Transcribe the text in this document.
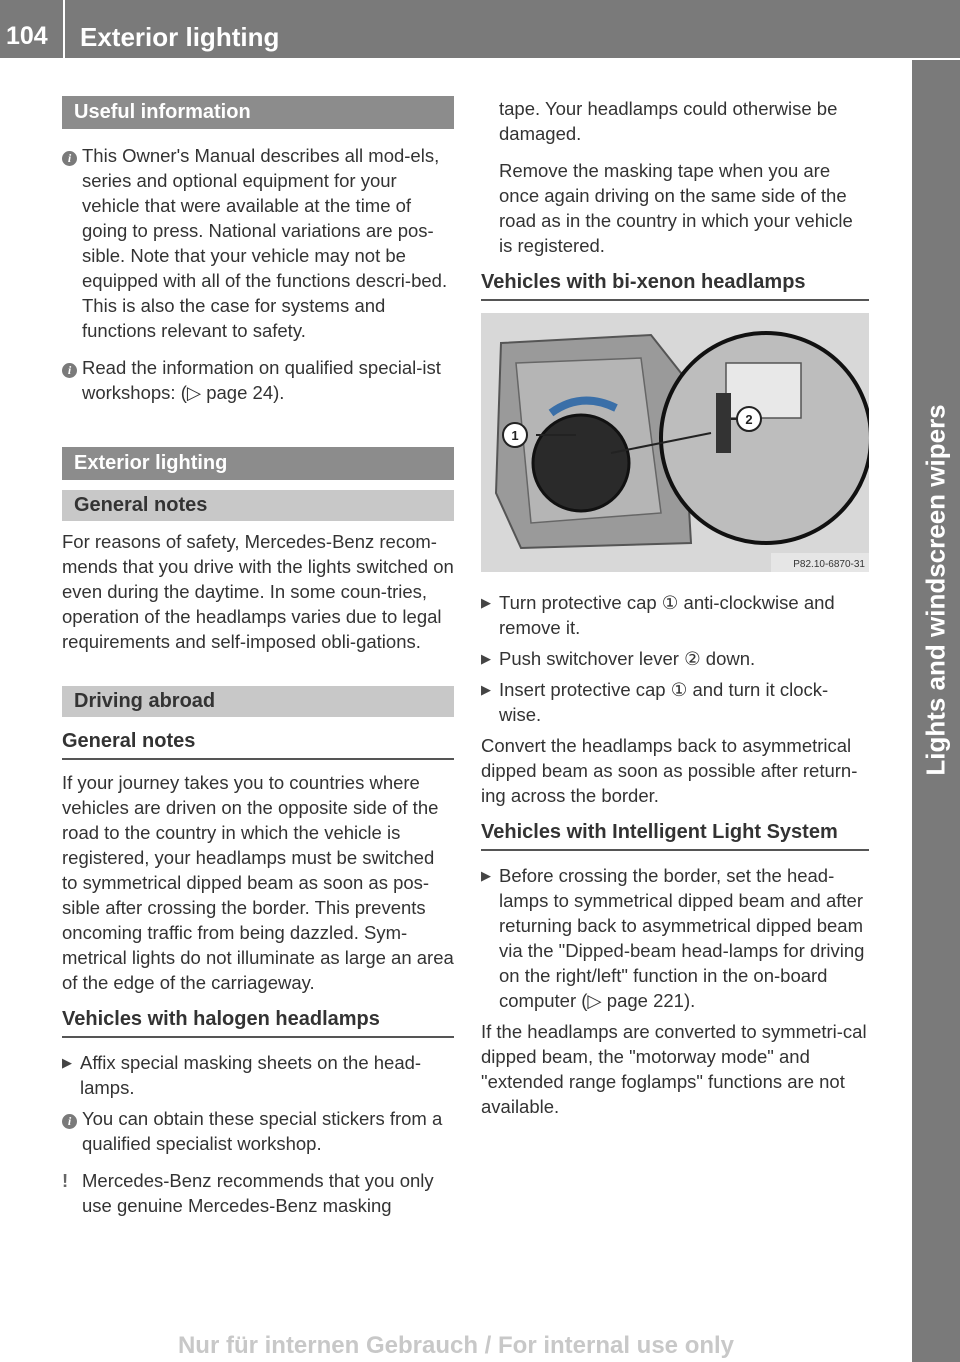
104 Exterior lighting
Lights and windscreen wipers
Useful information
i This Owner's Manual describes all mod-els, series and optional equipment for your vehicle that were available at the time of going to press. National variations are pos-sible. Note that your vehicle may not be equipped with all of the functions descri-bed. This is also the case for systems and functions relevant to safety.
i Read the information on qualified special-ist workshops: (▷ page 24).
Exterior lighting
General notes
For reasons of safety, Mercedes-Benz recom-mends that you drive with the lights switched on even during the daytime. In some coun-tries, operation of the headlamps varies due to legal requirements and self-imposed obli-gations.
Driving abroad
General notes
If your journey takes you to countries where vehicles are driven on the opposite side of the road to the country in which the vehicle is registered, your headlamps must be switched to symmetrical dipped beam as soon as pos-sible after crossing the border. This prevents oncoming traffic from being dazzled. Sym-metrical lights do not illuminate as large an area of the edge of the carriageway.
Vehicles with halogen headlamps
▶ Affix special masking sheets on the head-lamps.
i You can obtain these special stickers from a qualified specialist workshop.
! Mercedes-Benz recommends that you only use genuine Mercedes-Benz masking
tape. Your headlamps could otherwise be damaged.
Remove the masking tape when you are once again driving on the same side of the road as in the country in which your vehicle is registered.
Vehicles with bi-xenon headlamps
1
2
P82.10-6870-31
▶ Turn protective cap ① anti-clockwise and remove it.
▶ Push switchover lever ② down.
▶ Insert protective cap ① and turn it clock-wise.
Convert the headlamps back to asymmetrical dipped beam as soon as possible after return-ing across the border.
Vehicles with Intelligent Light System
▶ Before crossing the border, set the head-lamps to symmetrical dipped beam and after returning back to asymmetrical dipped beam via the "Dipped-beam head-lamps for driving on the right/left" function in the on-board computer (▷ page 221).
If the headlamps are converted to symmetri-cal dipped beam, the "motorway mode" and "extended range foglamps" functions are not available.
Nur für internen Gebrauch / For internal use only
